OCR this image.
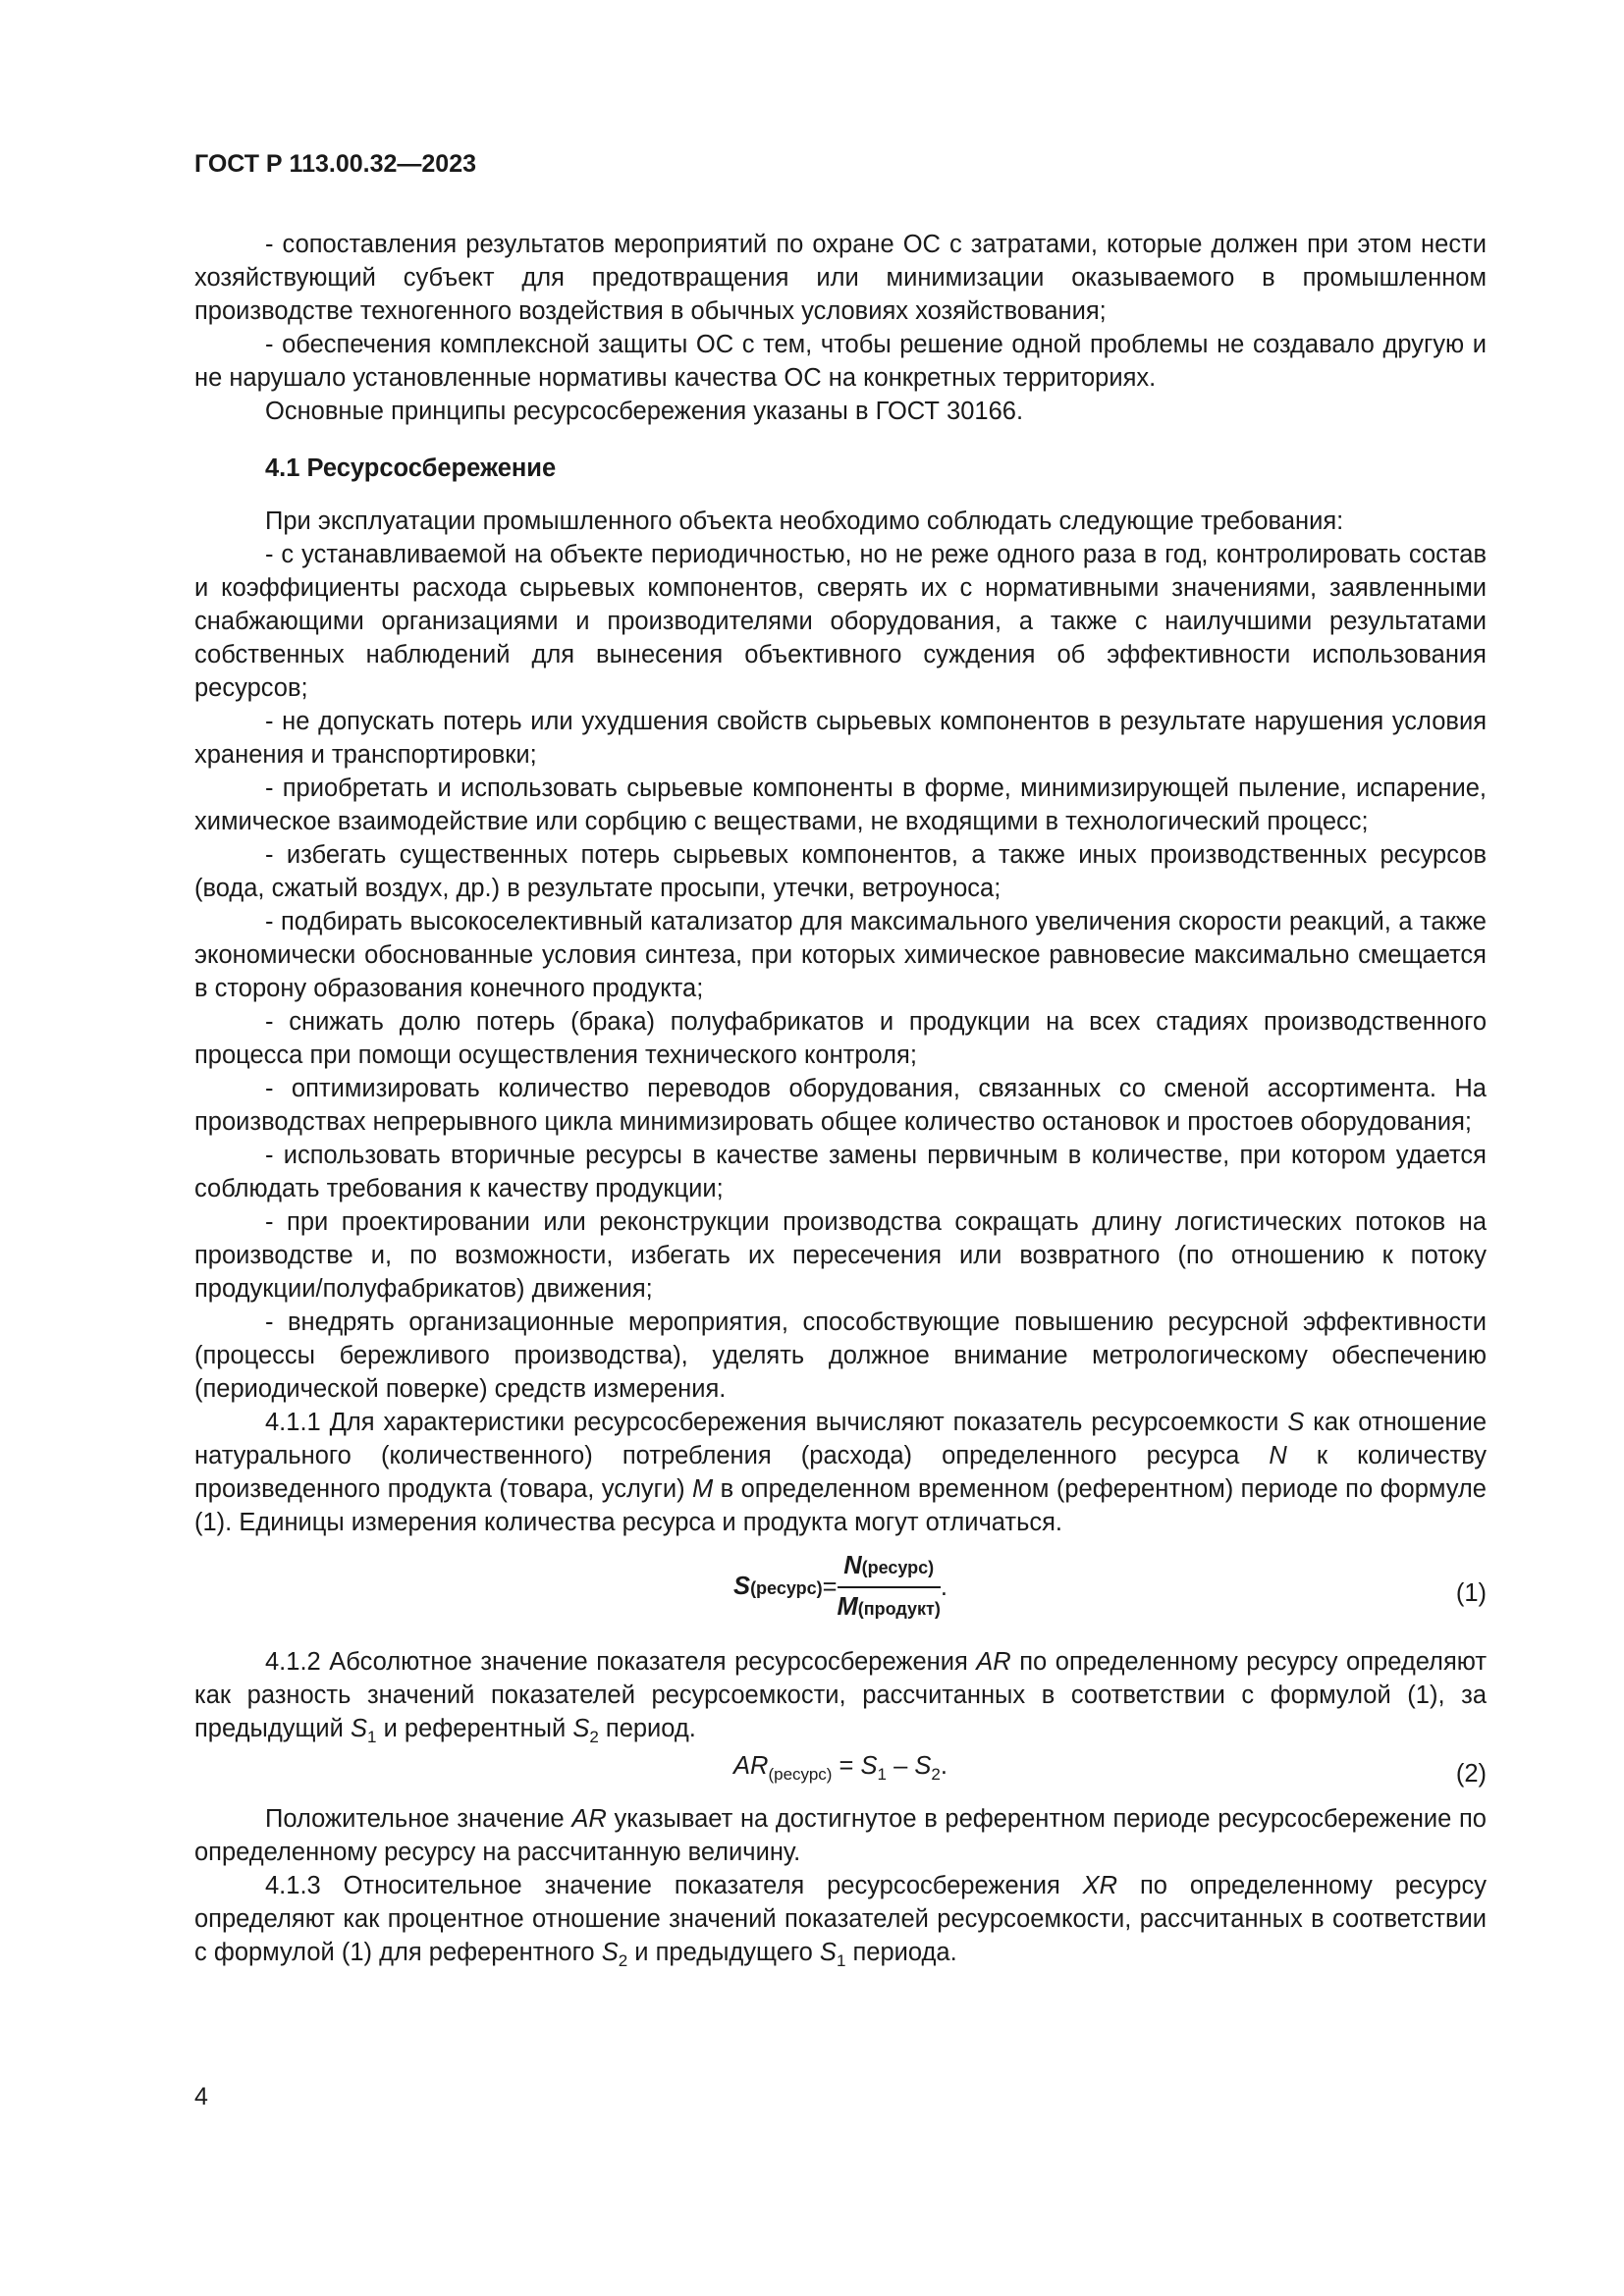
ГОСТ Р 113.00.32—2023

- сопоставления результатов мероприятий по охране ОС с затратами, которые должен при этом нести хозяйствующий субъект для предотвращения или минимизации оказываемого в промышленном производстве техногенного воздействия в обычных условиях хозяйствования;

- обеспечения комплексной защиты ОС с тем, чтобы решение одной проблемы не создавало другую и не нарушало установленные нормативы качества ОС на конкретных территориях.

Основные принципы ресурсосбережения указаны в ГОСТ 30166.

4.1 Ресурсосбережение

При эксплуатации промышленного объекта необходимо соблюдать следующие требования:

- с устанавливаемой на объекте периодичностью, но не реже одного раза в год, контролировать состав и коэффициенты расхода сырьевых компонентов, сверять их с нормативными значениями, заявленными снабжающими организациями и производителями оборудования, а также с наилучшими результатами собственных наблюдений для вынесения объективного суждения об эффективности использования ресурсов;

- не допускать потерь или ухудшения свойств сырьевых компонентов в результате нарушения условия хранения и транспортировки;

- приобретать и использовать сырьевые компоненты в форме, минимизирующей пыление, испарение, химическое взаимодействие или сорбцию с веществами, не входящими в технологический процесс;

- избегать существенных потерь сырьевых компонентов, а также иных производственных ресурсов (вода, сжатый воздух, др.) в результате просыпи, утечки, ветроуноса;

- подбирать высокоселективный катализатор для максимального увеличения скорости реакций, а также экономически обоснованные условия синтеза, при которых химическое равновесие максимально смещается в сторону образования конечного продукта;

- снижать долю потерь (брака) полуфабрикатов и продукции на всех стадиях производственного процесса при помощи осуществления технического контроля;

- оптимизировать количество переводов оборудования, связанных со сменой ассортимента. На производствах непрерывного цикла минимизировать общее количество остановок и простоев оборудования;

- использовать вторичные ресурсы в качестве замены первичным в количестве, при котором удается соблюдать требования к качеству продукции;

- при проектировании или реконструкции производства сокращать длину логистических потоков на производстве и, по возможности, избегать их пересечения или возвратного (по отношению к потоку продукции/полуфабрикатов) движения;

- внедрять организационные мероприятия, способствующие повышению ресурсной эффективности (процессы бережливого производства), уделять должное внимание метрологическому обеспечению (периодической поверке) средств измерения.

4.1.1 Для характеристики ресурсосбережения вычисляют показатель ресурсоемкости S как отношение натурального (количественного) потребления (расхода) определенного ресурса N к количеству произведенного продукта (товара, услуги) M в определенном временном (референтном) периоде по формуле (1). Единицы измерения количества ресурса и продукта могут отличаться.

S(ресурс)= $\frac{\text{N(ресурс)}}{\text{M(продукт)}}$ .	(1)

4.1.2 Абсолютное значение показателя ресурсосбережения AR по определенному ресурсу определяют как разность значений показателей ресурсоемкости, рассчитанных в соответствии с формулой (1), за предыдущий $S_1$ и референтный $S_2$ период.

$AR_{(ресурс)} = S_1 - S_2$.	(2)

Положительное значение AR указывает на достигнутое в референтном периоде ресурсосбережение по определенному ресурсу на рассчитанную величину.

4.1.3 Относительное значение показателя ресурсосбережения XR по определенному ресурсу определяют как процентное отношение значений показателей ресурсоемкости, рассчитанных в соответствии с формулой (1) для референтного $S_2$ и предыдущего $S_1$ периода.

4
